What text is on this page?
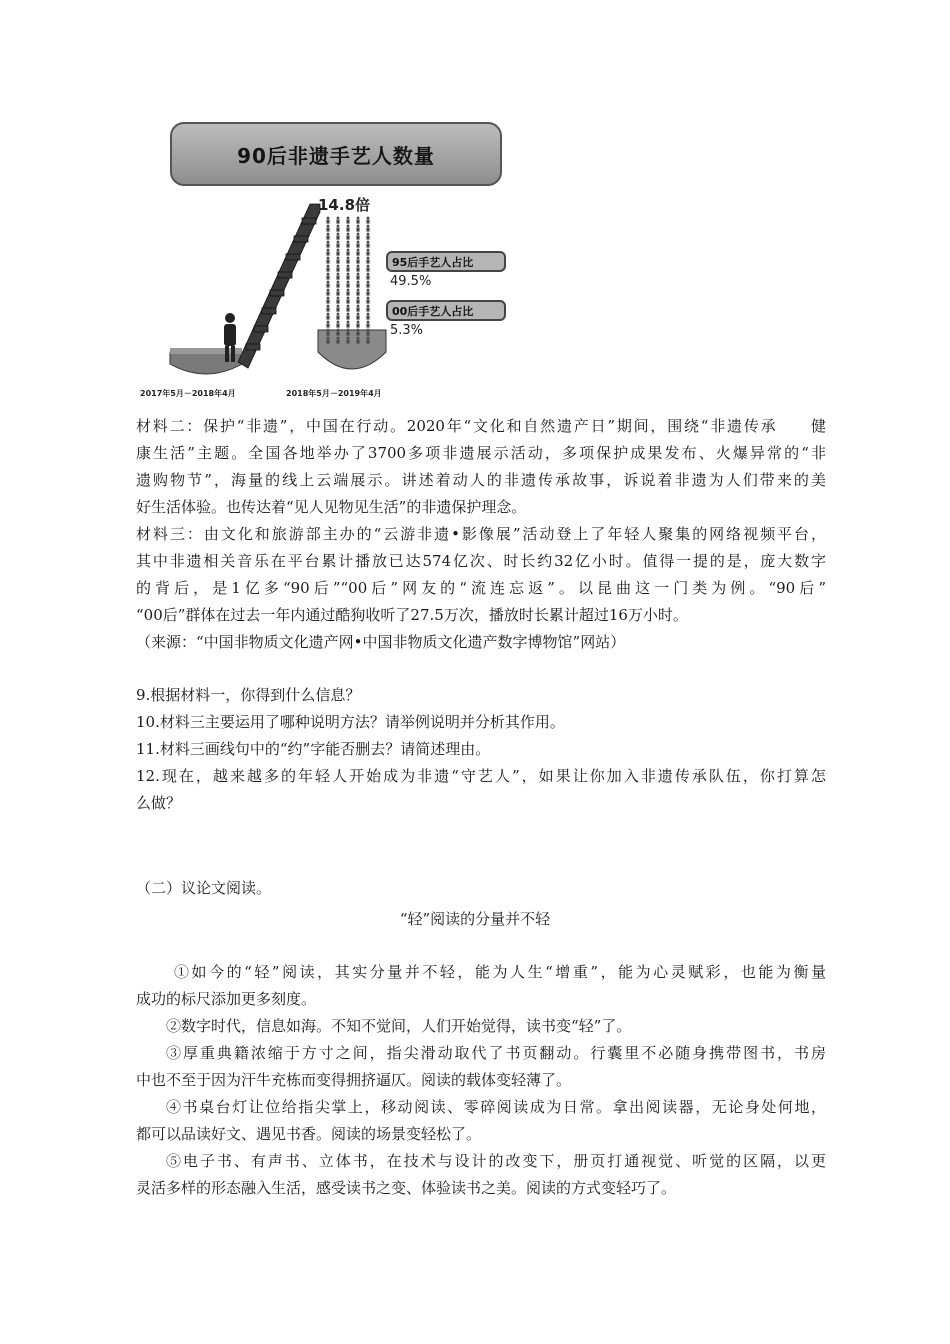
90后非遗手艺人数量
14.8倍
95后手艺人占比
49.5%
00后手艺人占比
5.3%
2017年5月－2018年4月	2018年5月－2019年4月
材料二：保护“非遗”，中国在行动。2020年“文化和自然遗产日”期间，围绕“非遗传承　　健
康生活”主题。全国各地举办了3700多项非遗展示活动，多项保护成果发布、火爆异常的“非
遗购物节”，海量的线上云端展示。讲述着动人的非遗传承故事，诉说着非遗为人们带来的美
好生活体验。也传达着“见人见物见生活”的非遗保护理念。
材料三：由文化和旅游部主办的“云游非遗•影像展”活动登上了年轻人聚集的网络视频平台，
其中非遗相关音乐在平台累计播放已达574亿次、时长约32亿小时。值得一提的是，庞大数字
的背后，是1亿多“90后”“00后”网友的“流连忘返”。以昆曲这一门类为例。“90后”
“00后”群体在过去一年内通过酷狗收听了27.5万次，播放时长累计超过16万小时。
（来源：“中国非物质文化遗产网•中国非物质文化遗产数字博物馆”网站）
9.根据材料一，你得到什么信息？
10.材料三主要运用了哪种说明方法？请举例说明并分析其作用。
11.材料三画线句中的“约”字能否删去？请简述理由。
12.现在，越来越多的年轻人开始成为非遗“守艺人”，如果让你加入非遗传承队伍，你打算怎
么做？
（二）议论文阅读。
“轻”阅读的分量并不轻
①如今的“轻”阅读，其实分量并不轻，能为人生“增重”，能为心灵赋彩，也能为衡量
成功的标尺添加更多刻度。
②数字时代，信息如海。不知不觉间，人们开始觉得，读书变“轻”了。
③厚重典籍浓缩于方寸之间，指尖滑动取代了书页翻动。行囊里不必随身携带图书，书房
中也不至于因为汗牛充栋而变得拥挤逼仄。阅读的载体变轻薄了。
④书桌台灯让位给指尖掌上，移动阅读、零碎阅读成为日常。拿出阅读器，无论身处何地，
都可以品读好文、遇见书香。阅读的场景变轻松了。
⑤电子书、有声书、立体书，在技术与设计的改变下，册页打通视觉、听觉的区隔，以更
灵活多样的形态融入生活，感受读书之变、体验读书之美。阅读的方式变轻巧了。
